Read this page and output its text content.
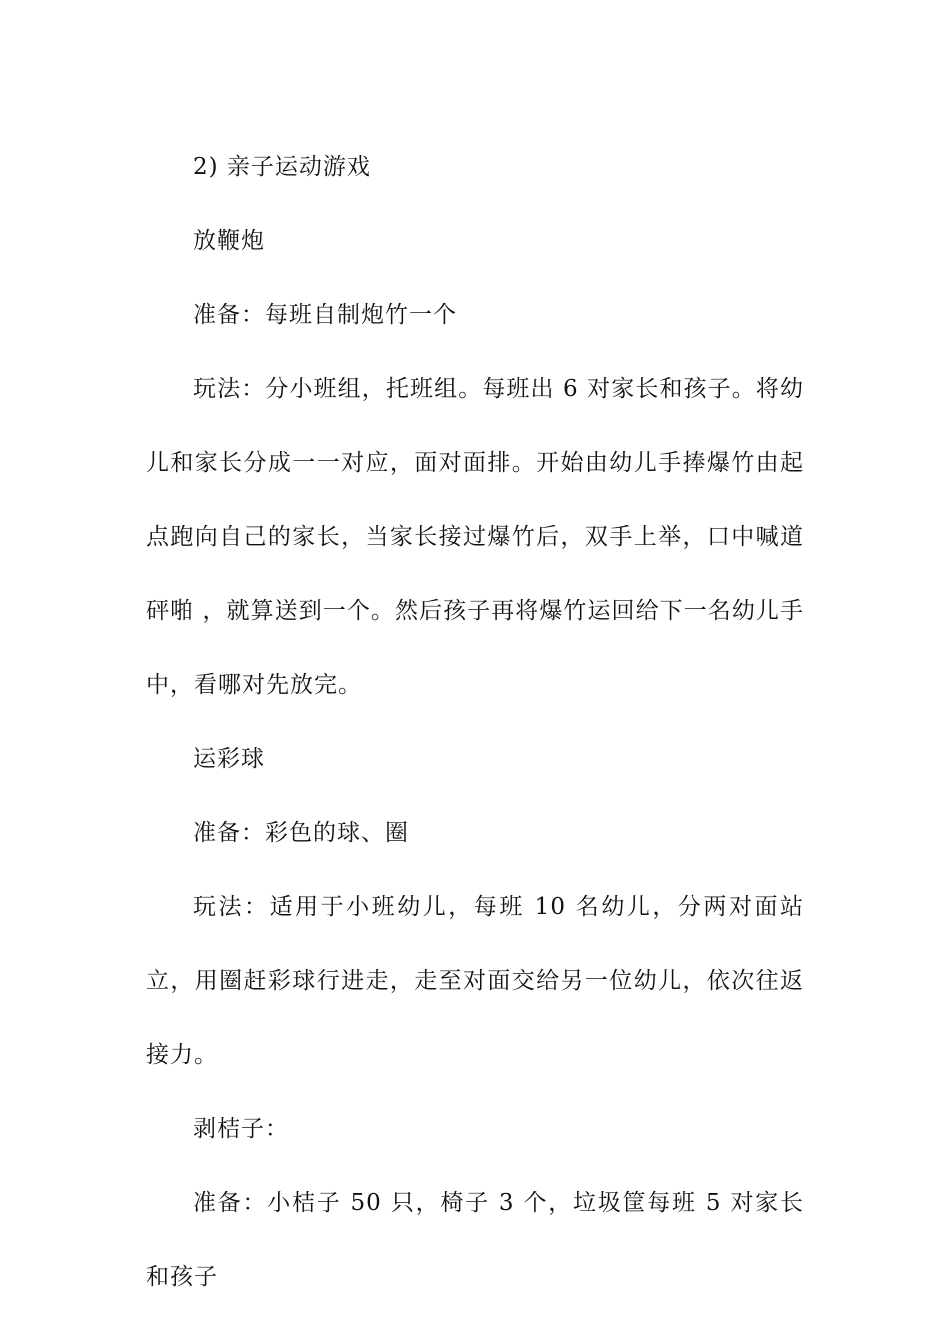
2) 亲子运动游戏

放鞭炮

准备：每班自制炮竹一个

玩法：分小班组，托班组。每班出 6 对家长和孩子。将幼儿和家长分成一一对应，面对面排。开始由幼儿手捧爆竹由起点跑向自己的家长，当家长接过爆竹后，双手上举，口中喊道砰啪 ，就算送到一个。然后孩子再将爆竹运回给下一名幼儿手中，看哪对先放完。

运彩球

准备：彩色的球、圈

玩法：适用于小班幼儿，每班 10 名幼儿，分两对面站立，用圈赶彩球行进走，走至对面交给另一位幼儿，依次往返接力。

剥桔子：

准备：小桔子 50 只，椅子 3 个，垃圾筐每班 5 对家长和孩子
